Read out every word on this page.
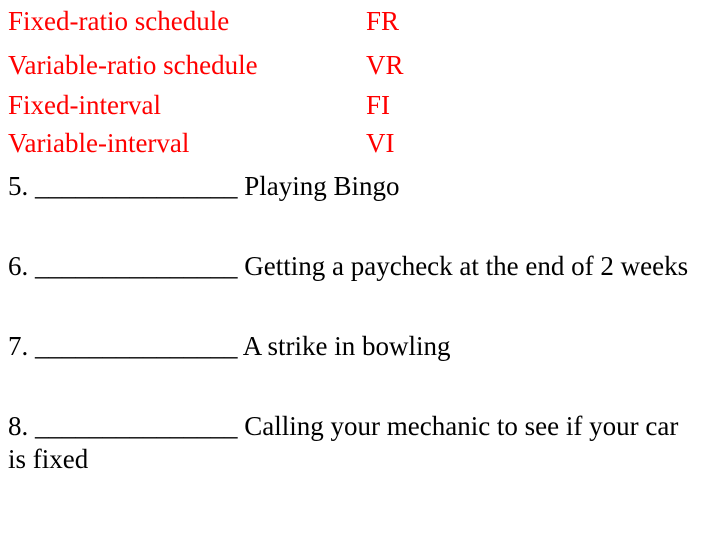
Fixed-ratio schedule	FR
Variable-ratio schedule	VR
Fixed-interval	FI
Variable-interval	VI
5. _______________ Playing Bingo
6. _______________ Getting a paycheck at the end of 2 weeks
7. _______________ A strike in bowling
8. _______________ Calling your mechanic to see if your car
is fixed
